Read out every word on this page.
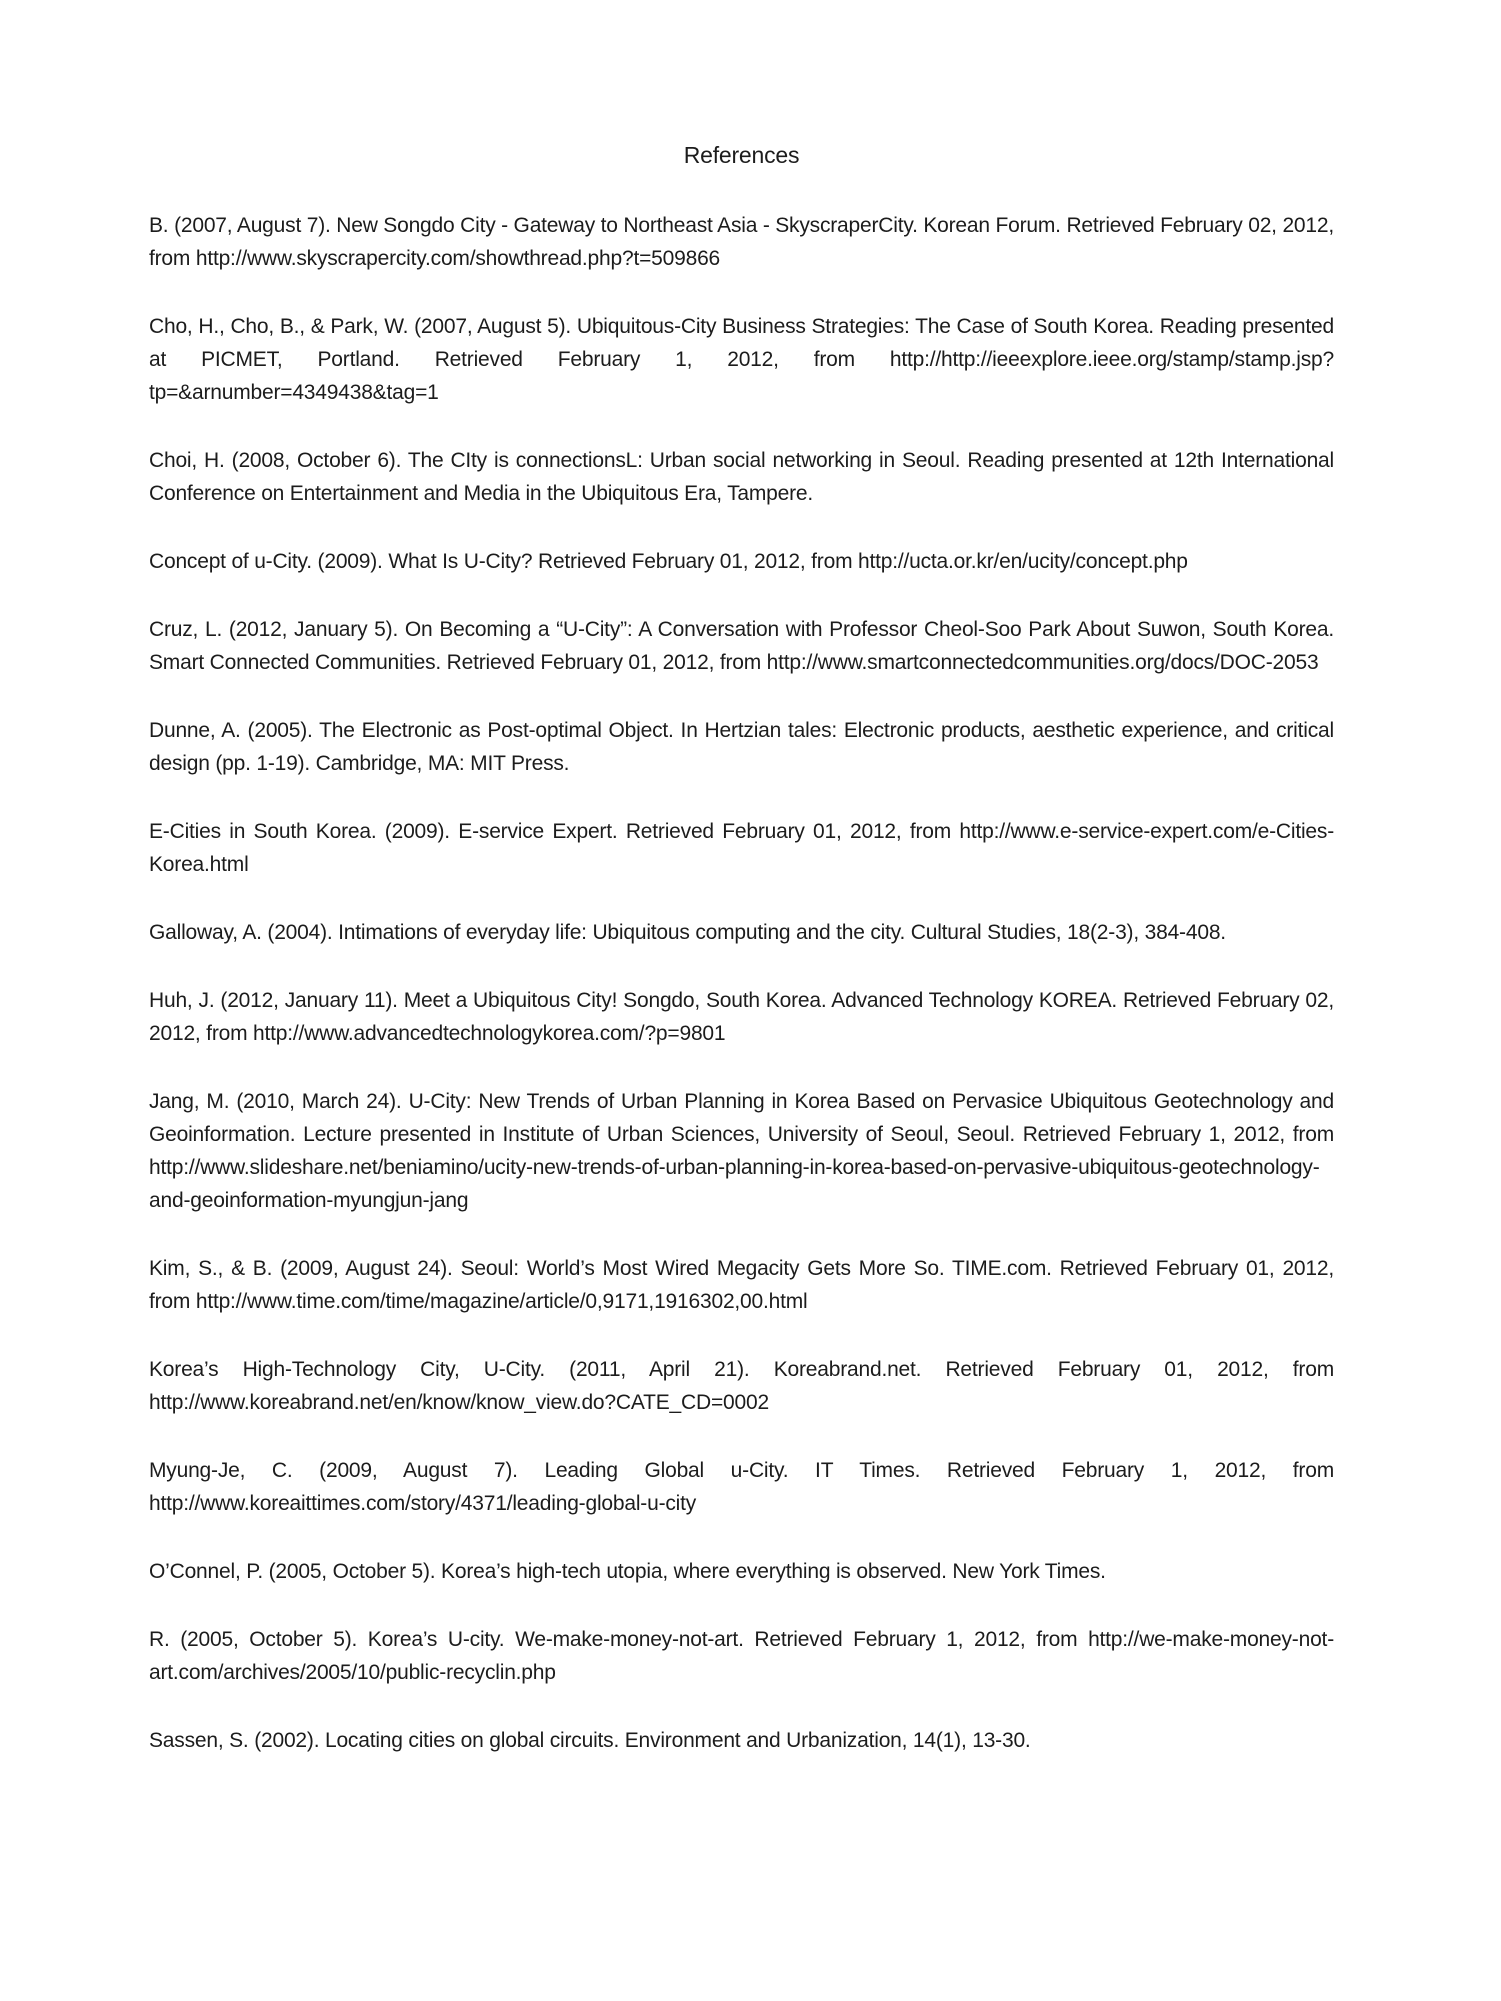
References

B. (2007, August 7). New Songdo City - Gateway to Northeast Asia - SkyscraperCity. Korean Forum. Retrieved February 02, 2012, from http://www.skyscrapercity.com/showthread.php?t=509866

Cho, H., Cho, B., & Park, W. (2007, August 5). Ubiquitous-City Business Strategies: The Case of South Korea. Reading presented at PICMET, Portland. Retrieved February 1, 2012, from http://http://ieeexplore.ieee.org/stamp/stamp.jsp?tp=&arnumber=4349438&tag=1

Choi, H. (2008, October 6). The CIty is connectionsL: Urban social networking in Seoul. Reading presented at 12th International Conference on Entertainment and Media in the Ubiquitous Era, Tampere.

Concept of u-City. (2009). What Is U-City? Retrieved February 01, 2012, from http://ucta.or.kr/en/ucity/concept.php

Cruz, L. (2012, January 5). On Becoming a “U-City”: A Conversation with Professor Cheol-Soo Park About Suwon, South Korea. Smart Connected Communities. Retrieved February 01, 2012, from http://www.smartconnectedcommunities.org/docs/DOC-2053

Dunne, A. (2005). The Electronic as Post-optimal Object. In Hertzian tales: Electronic products, aesthetic experience, and critical design (pp. 1-19). Cambridge, MA: MIT Press.

E-Cities in South Korea. (2009). E-service Expert. Retrieved February 01, 2012, from http://www.e-service-expert.com/e-Cities-Korea.html

Galloway, A. (2004). Intimations of everyday life: Ubiquitous computing and the city. Cultural Studies, 18(2-3), 384-408.

Huh, J. (2012, January 11). Meet a Ubiquitous City! Songdo, South Korea. Advanced Technology KOREA. Retrieved February 02, 2012, from http://www.advancedtechnologykorea.com/?p=9801

Jang, M. (2010, March 24). U-City: New Trends of Urban Planning in Korea Based on Pervasice Ubiquitous Geotechnology and Geoinformation. Lecture presented in Institute of Urban Sciences, University of Seoul, Seoul. Retrieved February 1, 2012, from http://www.slideshare.net/beniamino/ucity-new-trends-of-urban-planning-in-korea-based-on-pervasive-ubiquitous-geotechnology-and-geoinformation-myungjun-jang

Kim, S., & B. (2009, August 24). Seoul: World’s Most Wired Megacity Gets More So. TIME.com. Retrieved February 01, 2012, from http://www.time.com/time/magazine/article/0,9171,1916302,00.html

Korea’s High-Technology City, U-City. (2011, April 21). Koreabrand.net. Retrieved February 01, 2012, from http://www.koreabrand.net/en/know/know_view.do?CATE_CD=0002

Myung-Je, C. (2009, August 7). Leading Global u-City. IT Times. Retrieved February 1, 2012, from http://www.koreaittimes.com/story/4371/leading-global-u-city

O’Connel, P. (2005, October 5). Korea’s high-tech utopia, where everything is observed. New York Times.

R. (2005, October 5). Korea’s U-city. We-make-money-not-art. Retrieved February 1, 2012, from http://we-make-money-not-art.com/archives/2005/10/public-recyclin.php

Sassen, S. (2002). Locating cities on global circuits. Environment and Urbanization, 14(1), 13-30.
